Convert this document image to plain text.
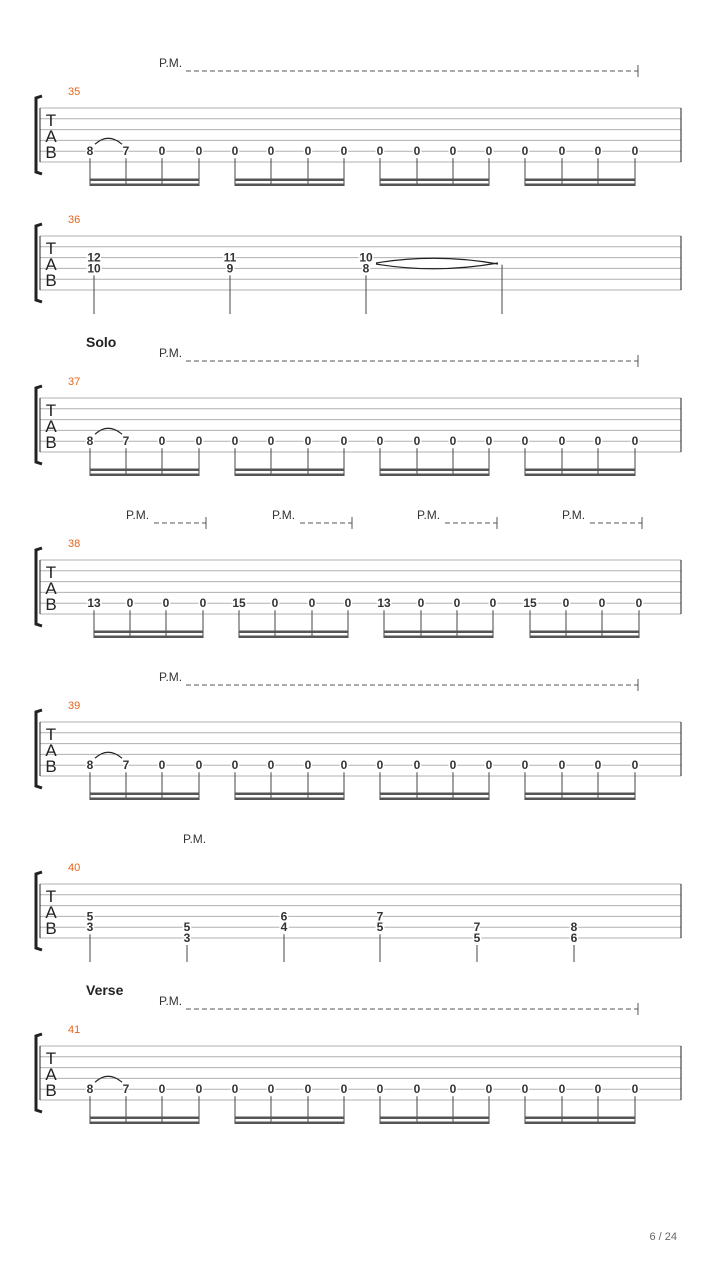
T
A
B
35
P.M.
8 7 0	0 0 0	0 0 0	0 0 0 0	0 0	0
T
A
B
36
12
10
11
9
10
8
T
A
B
37
Solo
P.M.
8 7 0	0 0 0	0 0 0	0 0 0 0	0 0	0
T
A
B
38
P.M.	P.M.	P.M.	P.M.
13 0 0	0 15 0	0 0 13 0 0 0 15 0 0	0
T
A
B
39
P.M.
8 7 0	0 0 0	0 0 0	0 0 0 0	0 0	0
T
A
B
40
P.M.
5
3	5
3
6
4
7
5	7
5
8
6
T
A
B
41
Verse
P.M.
8 7 0	0 0 0	0 0 0	0 0 0 0	0 0	0
6 / 24
